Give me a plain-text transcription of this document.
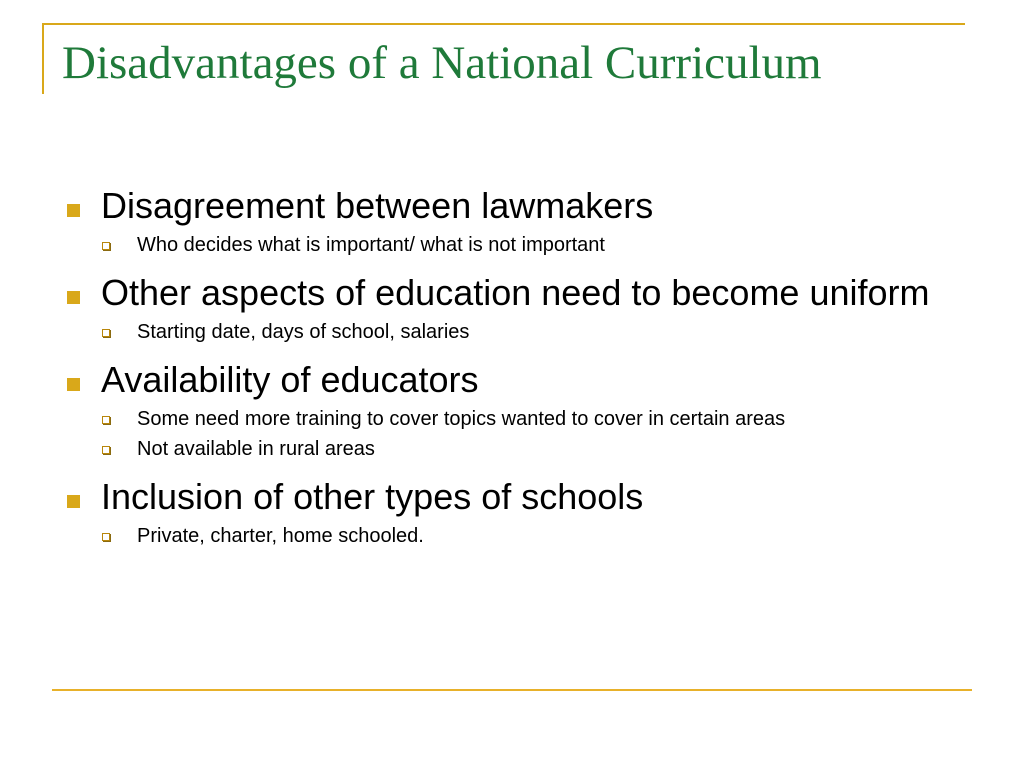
Disadvantages of a National Curriculum
Disagreement between lawmakers
Who decides what is important/ what is not important
Other aspects of education need to become uniform
Starting date, days of school, salaries
Availability of educators
Some need more training to cover topics wanted to cover in certain areas
Not available in rural areas
Inclusion of other types of schools
Private, charter, home schooled.
